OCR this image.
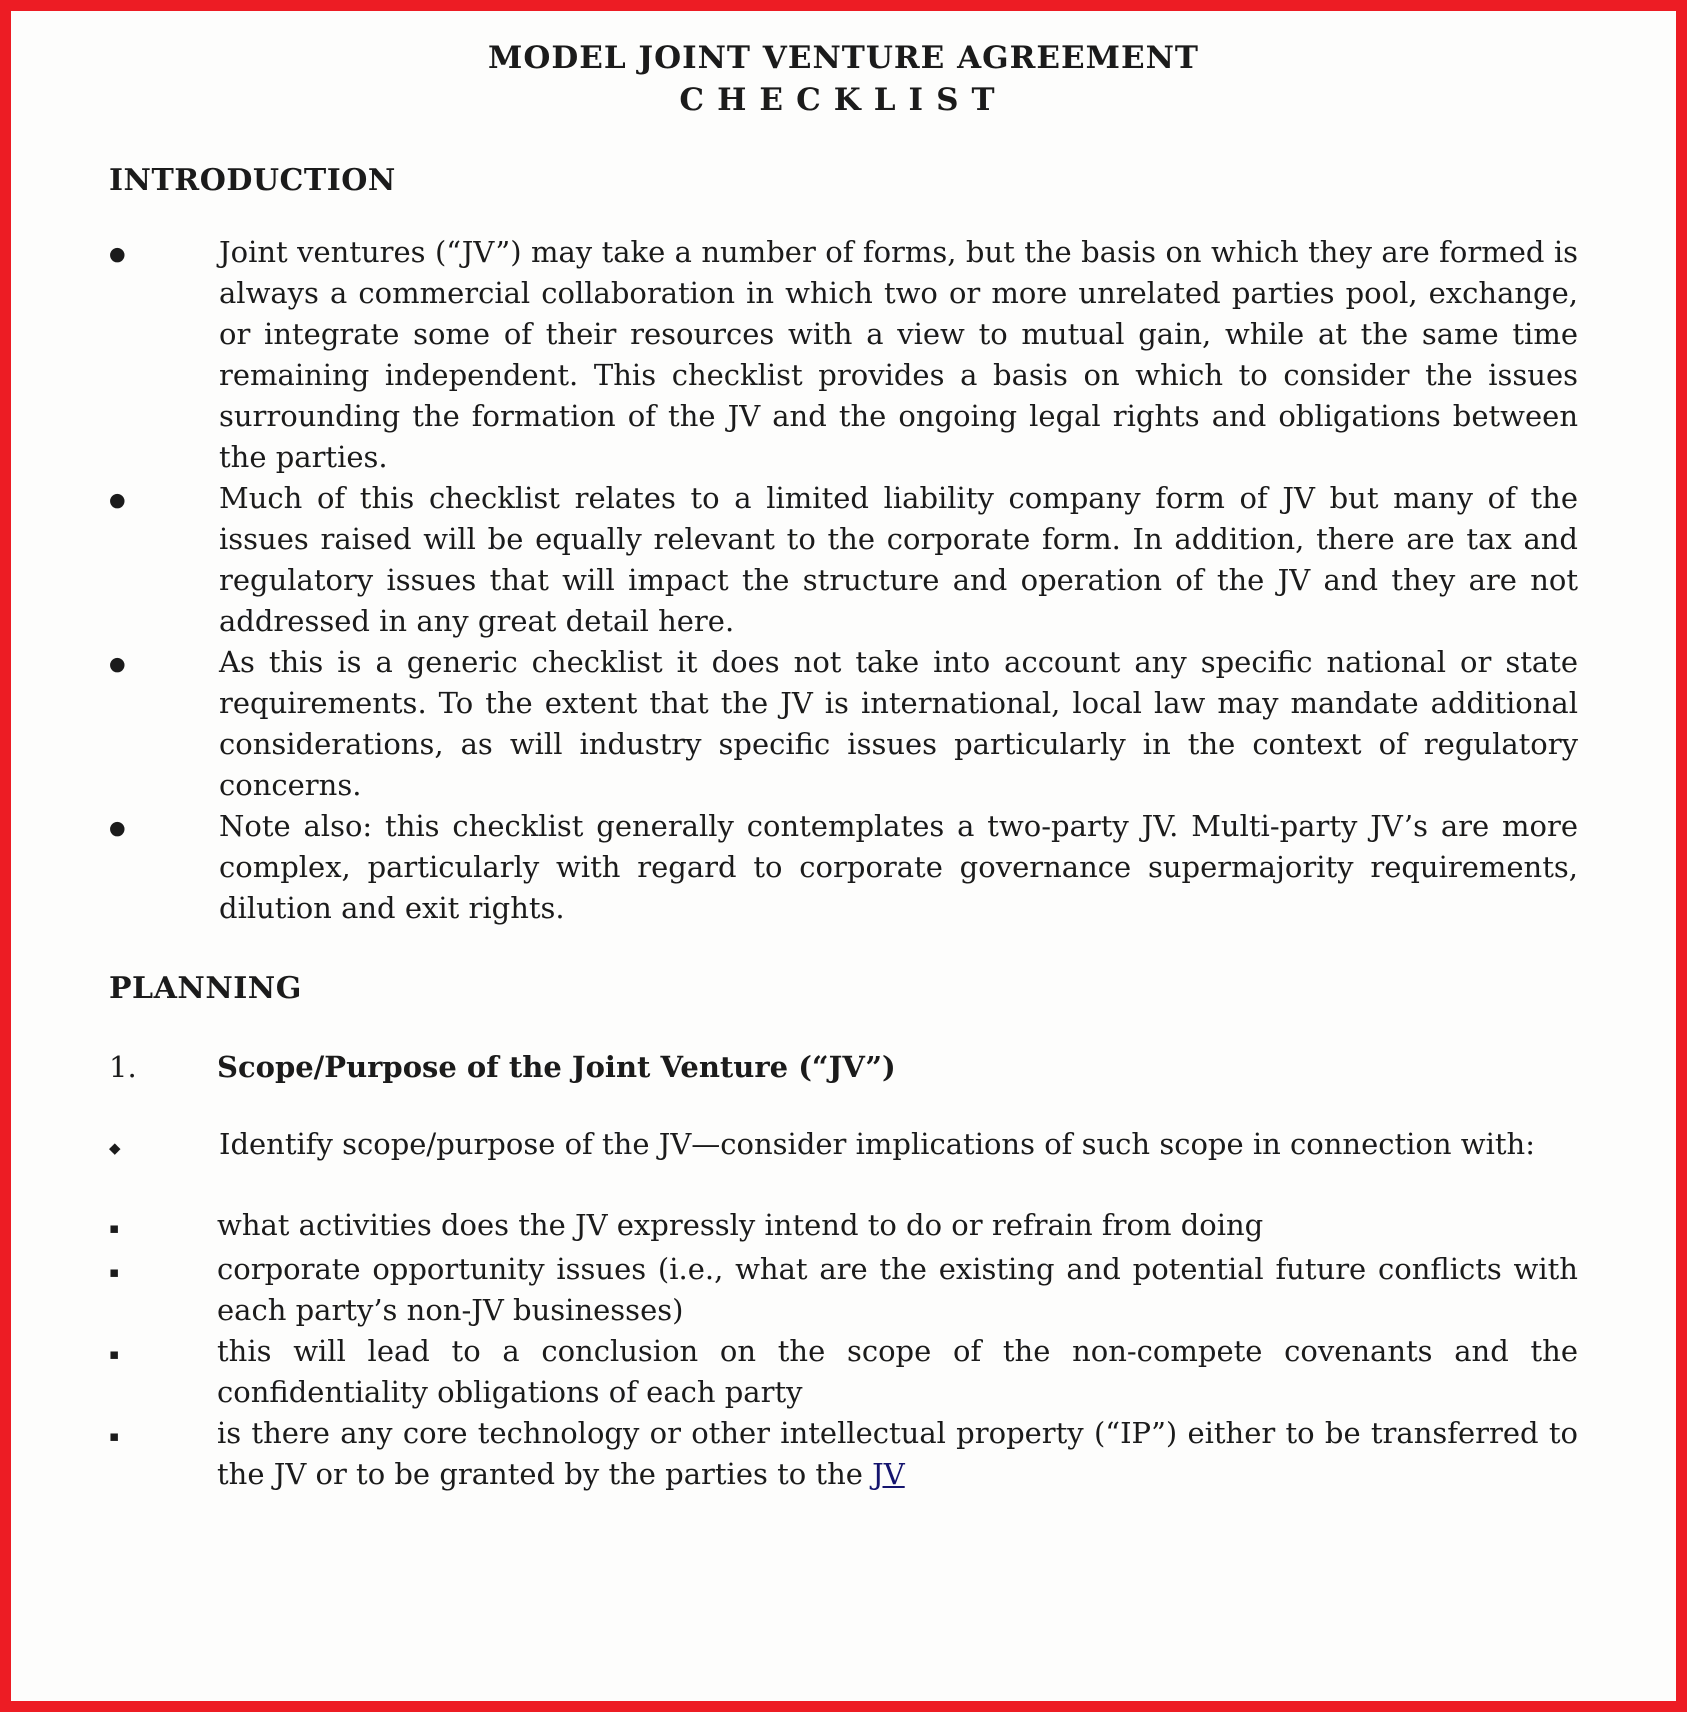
MODEL JOINT VENTURE AGREEMENT
CHECKLIST
INTRODUCTION
●	Joint ventures (“JV”) may take a number of forms, but the basis on which they are formed is always a commercial collaboration in which two or more unrelated parties pool, exchange, or integrate some of their resources with a view to mutual gain, while at the same time remaining independent. This checklist provides a basis on which to consider the issues surrounding the formation of the JV and the ongoing legal rights and obligations between the parties.

●	Much of this checklist relates to a limited liability company form of JV but many of the issues raised will be equally relevant to the corporate form. In addition, there are tax and regulatory issues that will impact the structure and operation of the JV and they are not addressed in any great detail here.

●	As this is a generic checklist it does not take into account any specific national or state requirements. To the extent that the JV is international, local law may mandate additional considerations, as will industry specific issues particularly in the context of regulatory concerns.

●	Note also: this checklist generally contemplates a two-party JV. Multi-party JV’s are more complex, particularly with regard to corporate governance supermajority requirements, dilution and exit rights.

PLANNING
1.	Scope/Purpose of the Joint Venture (“JV”)
◆	Identify scope/purpose of the JV—consider implications of such scope in connection with:

▪	what activities does the JV expressly intend to do or refrain from doing

▪	corporate opportunity issues (i.e., what are the existing and potential future conflicts with each party’s non-JV businesses)

▪	this will lead to a conclusion on the scope of the non-compete covenants and the confidentiality obligations of each party

▪	is there any core technology or other intellectual property (“IP”) either to be transferred to the JV or to be granted by the parties to the JV
